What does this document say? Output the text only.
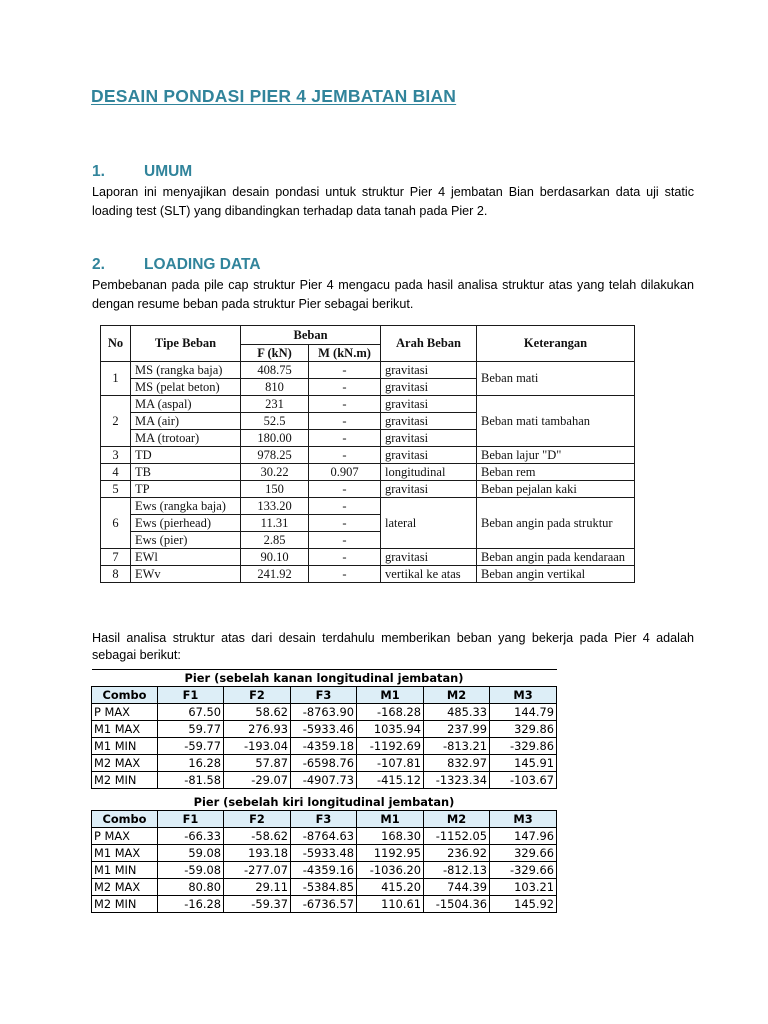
DESAIN PONDASI PIER 4 JEMBATAN BIAN
1.	UMUM
Laporan ini menyajikan desain pondasi untuk struktur Pier 4 jembatan Bian berdasarkan data uji static loading test (SLT) yang dibandingkan terhadap data tanah pada Pier 2.
2.	LOADING DATA
Pembebanan pada pile cap struktur Pier 4 mengacu pada hasil analisa struktur atas yang telah dilakukan dengan resume beban pada struktur Pier sebagai berikut.
No	Tipe Beban	Beban		Arah Beban	Keterangan
		F (kN)	M (kN.m)		
1	MS (rangka baja)	408.75	-	gravitasi	Beban mati
	MS (pelat beton)	810	-	gravitasi	
2	MA (aspal)	231	-	gravitasi	Beban mati tambahan
	MA (air)	52.5	-	gravitasi	
	MA (trotoar)	180.00	-	gravitasi	
3	TD	978.25	-	gravitasi	Beban lajur "D"
4	TB	30.22	0.907	longitudinal	Beban rem
5	TP	150	-	gravitasi	Beban pejalan kaki
6	Ews (rangka baja)	133.20	-	lateral	Beban angin pada struktur
	Ews (pierhead)	11.31	-		
	Ews (pier)	2.85	-		
7	EWl	90.10	-	gravitasi	Beban angin pada kendaraan
8	EWv	241.92	-	vertikal ke atas	Beban angin vertikal
Hasil analisa struktur atas dari desain terdahulu memberikan beban yang bekerja pada Pier 4 adalah sebagai berikut:
Pier (sebelah kanan longitudinal jembatan)						
Combo	F1	F2	F3	M1	M2	M3
P MAX	67.50	58.62	-8763.90	-168.28	485.33	144.79
M1 MAX	59.77	276.93	-5933.46	1035.94	237.99	329.86
M1 MIN	-59.77	-193.04	-4359.18	-1192.69	-813.21	-329.86
M2 MAX	16.28	57.87	-6598.76	-107.81	832.97	145.91
M2 MIN	-81.58	-29.07	-4907.73	-415.12	-1323.34	-103.67
Pier (sebelah kiri longitudinal jembatan)						
Combo	F1	F2	F3	M1	M2	M3
P MAX	-66.33	-58.62	-8764.63	168.30	-1152.05	147.96
M1 MAX	59.08	193.18	-5933.48	1192.95	236.92	329.66
M1 MIN	-59.08	-277.07	-4359.16	-1036.20	-812.13	-329.66
M2 MAX	80.80	29.11	-5384.85	415.20	744.39	103.21
M2 MIN	-16.28	-59.37	-6736.57	110.61	-1504.36	145.92
